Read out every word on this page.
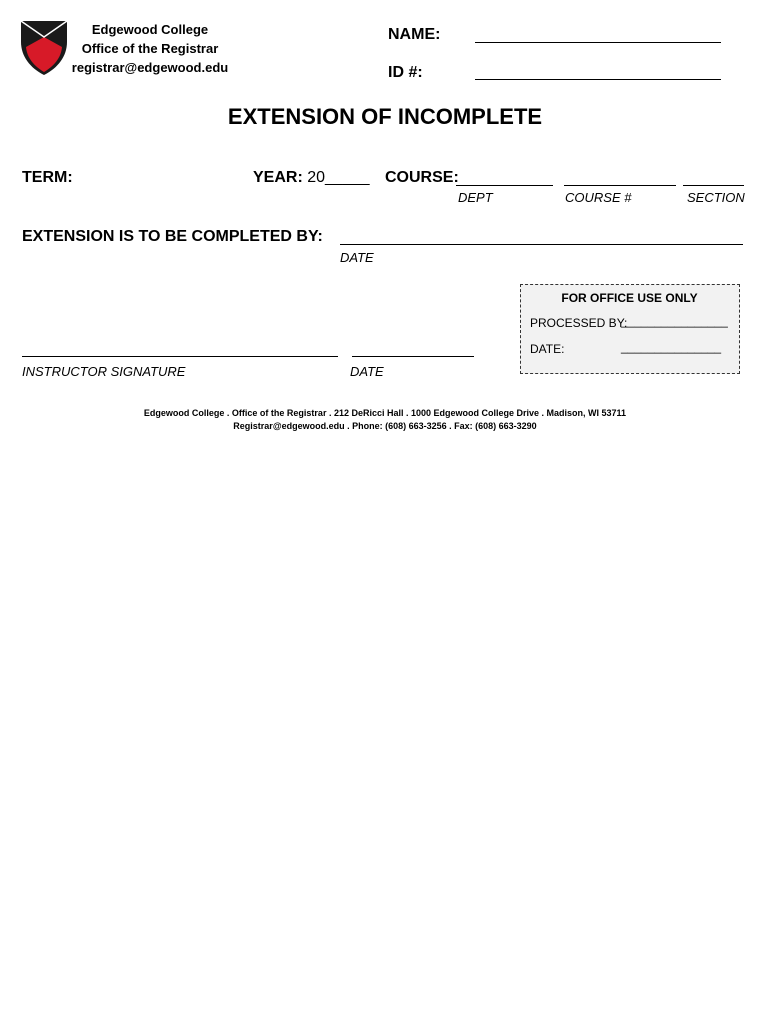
Edgewood College
Office of the Registrar
registrar@edgewood.edu
NAME:
ID #:
EXTENSION OF INCOMPLETE
TERM:	YEAR: 20_____ COURSE:
DEPT	COURSE #	SECTION
EXTENSION IS TO BE COMPLETED BY:
DATE
FOR OFFICE USE ONLY
PROCESSED BY:
________________
DATE:	_______________
INSTRUCTOR SIGNATURE	DATE
Edgewood College . Office of the Registrar . 212 DeRicci Hall . 1000 Edgewood College Drive . Madison, WI 53711
Registrar@edgewood.edu . Phone: (608) 663-3256 . Fax: (608) 663-3290
